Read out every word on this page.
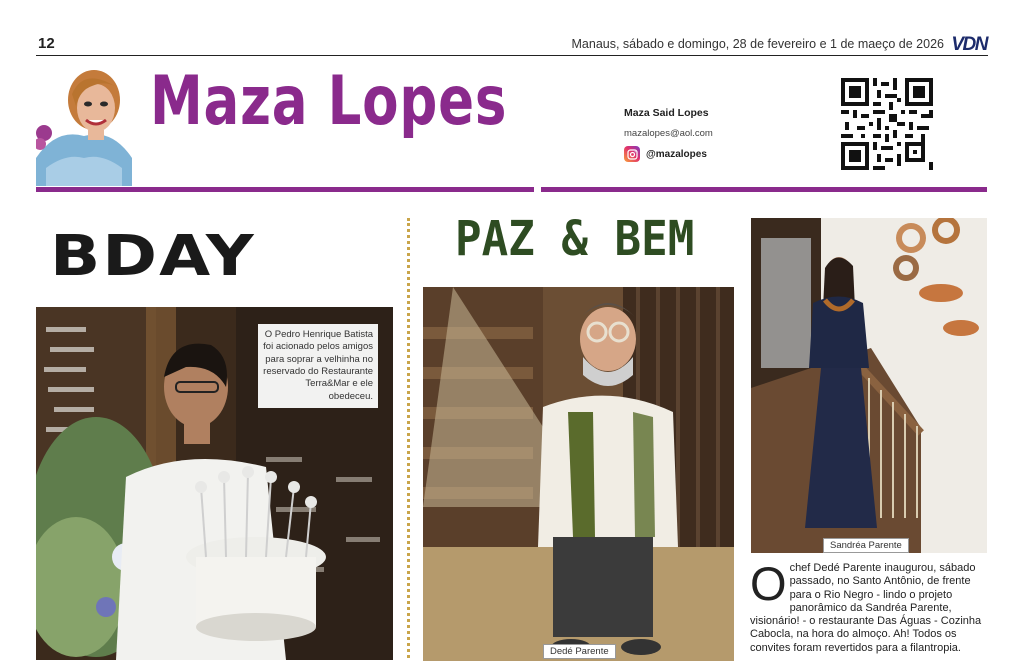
12	Manaus, sábado e domingo, 28 de fevereiro e 1 de maeço de 2026 VDN
Maza Lopes	Maza Said Lopes
mazalopes@aol.com
@mazalopes
BDAY
O Pedro Henrique Batista foi acionado pelos amigos para soprar a velhinha no reservado do Restaurante Terra&Mar e ele obedeceu.
PAZ & BEM
Dedé Parente
Sandréa Parente
O chef Dedé Parente inaugurou, sábado passado, no Santo Antônio, de frente para o Rio Negro - lindo o projeto panorâmico da Sandréa Parente, visionário! - o restaurante Das Águas - Cozinha Cabocla, na hora do almoço. Ah! Todos os convites foram revertidos para a filantropia.
